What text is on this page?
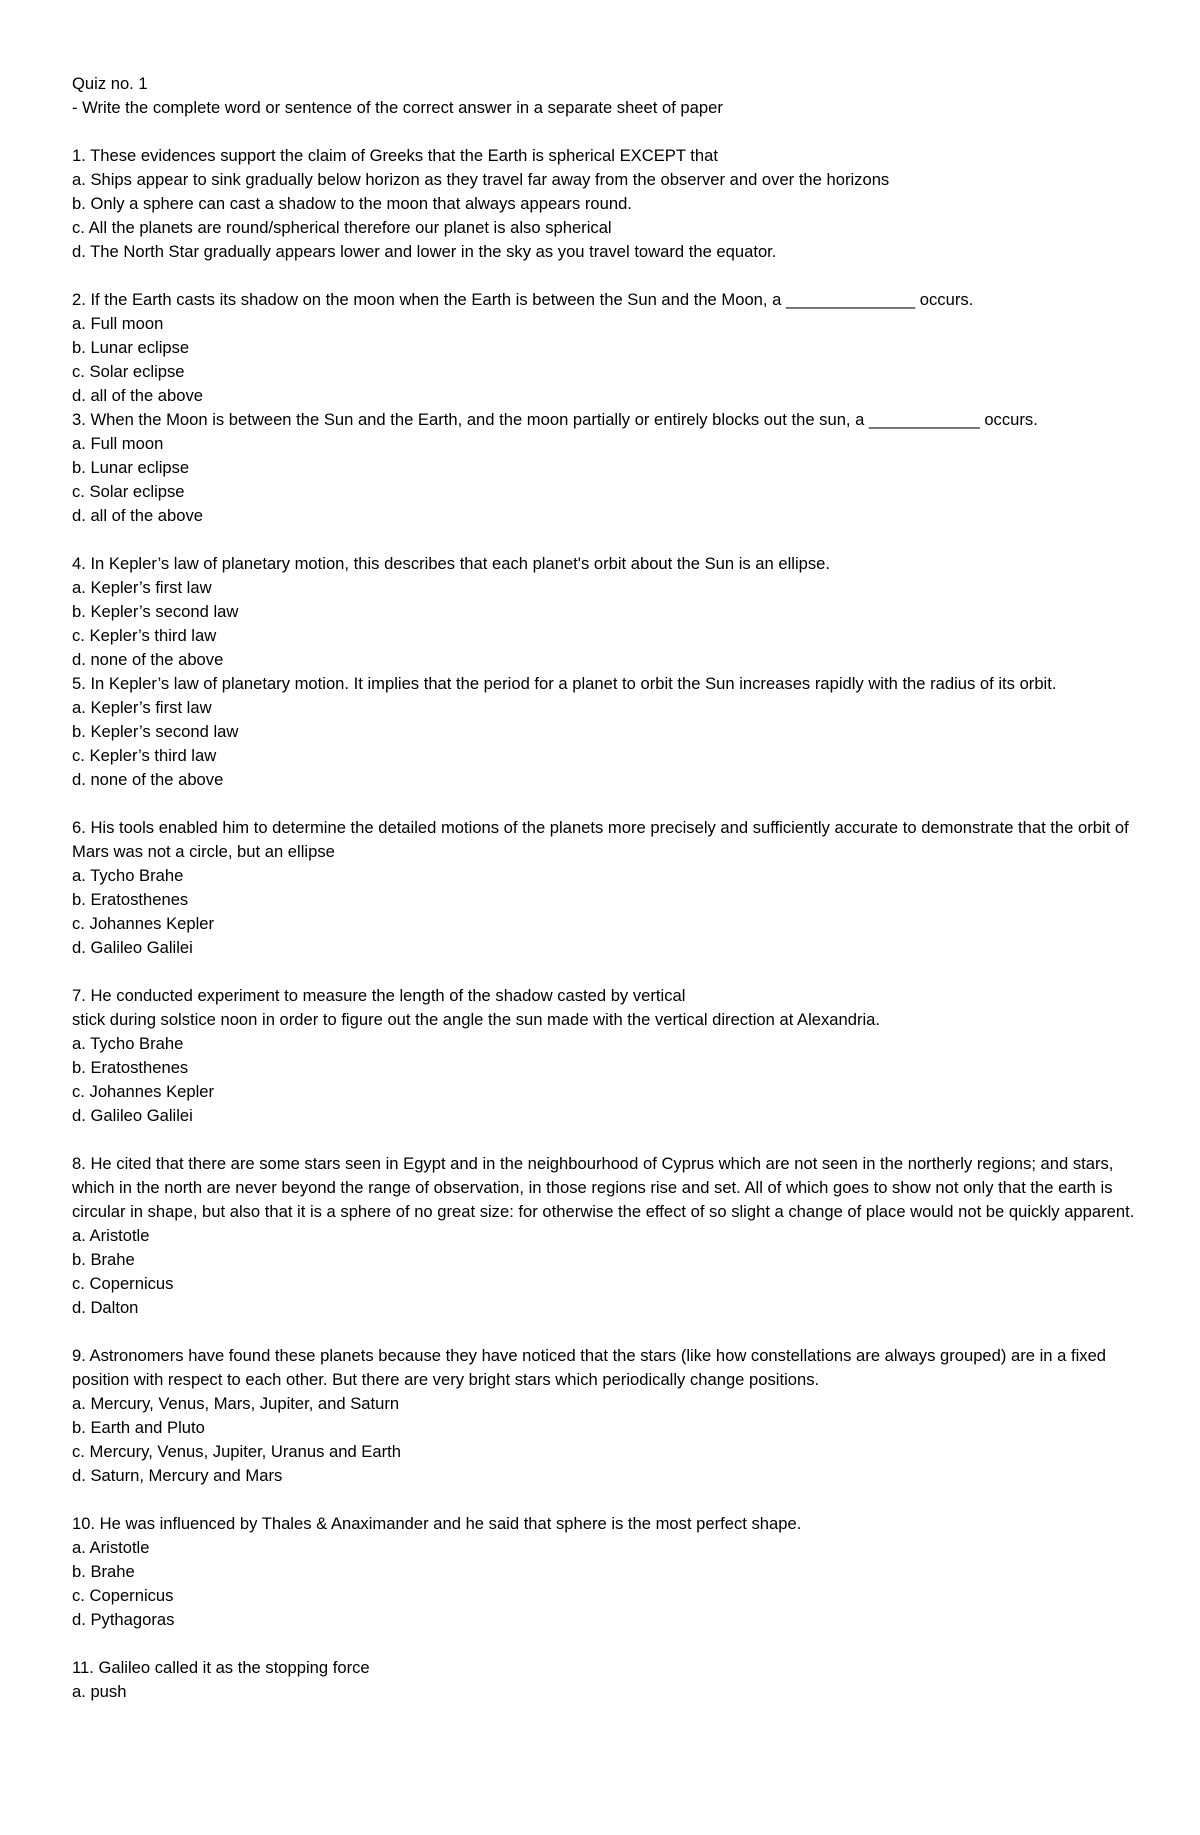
Quiz no. 1
- Write the complete word or sentence of the correct answer in a separate sheet of paper
1. These evidences support the claim of Greeks that the Earth is spherical EXCEPT that
a. Ships appear to sink gradually below horizon as they travel far away from the observer and over the horizons
b. Only a sphere can cast a shadow to the moon that always appears round.
c. All the planets are round/spherical therefore our planet is also spherical
d. The North Star gradually appears lower and lower in the sky as you travel toward the equator.
2. If the Earth casts its shadow on the moon when the Earth is between the Sun and the Moon, a ______________ occurs.
a. Full moon
b. Lunar eclipse
c. Solar eclipse
d. all of the above
3. When the Moon is between the Sun and the Earth, and the moon partially or entirely blocks out the sun, a ____________ occurs.
a. Full moon
b. Lunar eclipse
c. Solar eclipse
d. all of the above
4. In Kepler’s law of planetary motion, this describes that each planet's orbit about the Sun is an ellipse.
a. Kepler’s first law
b. Kepler’s second law
c. Kepler’s third law
d. none of the above
5. In Kepler’s law of planetary motion. It implies that the period for a planet to orbit the Sun increases rapidly with the radius of its orbit.
a. Kepler’s first law
b. Kepler’s second law
c. Kepler’s third law
d. none of the above
6. His tools enabled him to determine the detailed motions of the planets more precisely and sufficiently accurate to demonstrate that the orbit of Mars was not a circle, but an ellipse
a. Tycho Brahe
b. Eratosthenes
c. Johannes Kepler
d. Galileo Galilei
7. He conducted experiment to measure the length of the shadow casted by vertical
stick during solstice noon in order to figure out the angle the sun made with the vertical direction at Alexandria.
a. Tycho Brahe
b. Eratosthenes
c. Johannes Kepler
d. Galileo Galilei
8. He cited that there are some stars seen in Egypt and in the neighbourhood of Cyprus which are not seen in the northerly regions; and stars, which in the north are never beyond the range of observation, in those regions rise and set. All of which goes to show not only that the earth is circular in shape, but also that it is a sphere of no great size: for otherwise the effect of so slight a change of place would not be quickly apparent.
a. Aristotle
b. Brahe
c. Copernicus
d. Dalton
9. Astronomers have found these planets because they have noticed that the stars (like how constellations are always grouped) are in a fixed position with respect to each other. But there are very bright stars which periodically change positions.
a. Mercury, Venus, Mars, Jupiter, and Saturn
b. Earth and Pluto
c. Mercury, Venus, Jupiter, Uranus and Earth
d. Saturn, Mercury and Mars
10. He was influenced by Thales & Anaximander and he said that sphere is the most perfect shape.
a. Aristotle
b. Brahe
c. Copernicus
d. Pythagoras
11. Galileo called it as the stopping force
a. push
